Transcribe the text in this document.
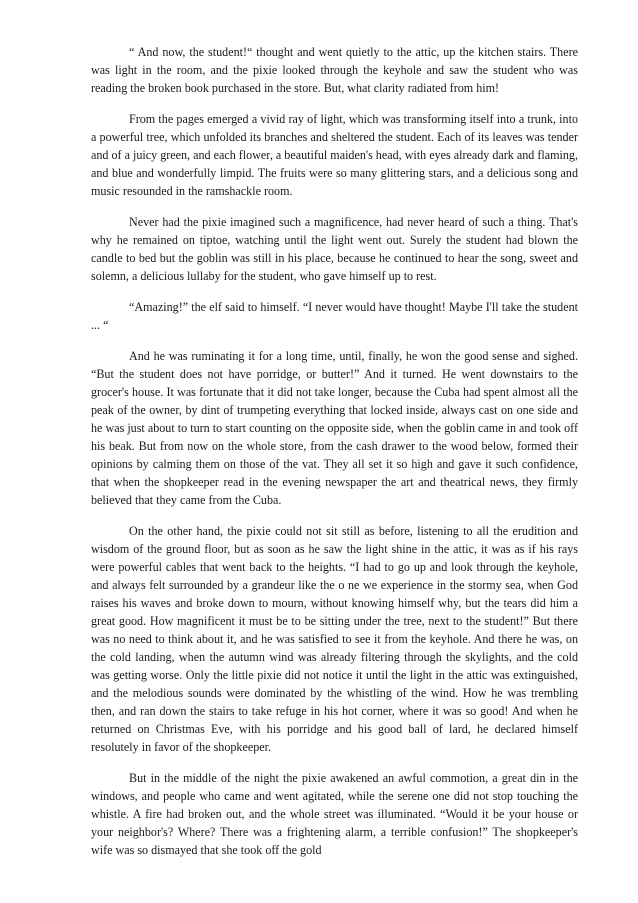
“ And now, the student!“ thought and went quietly to the attic, up the kitchen stairs. There was light in the room, and the pixie looked through the keyhole and saw the student who was reading the broken book purchased in the store. But, what clarity radiated from him!

From the pages emerged a vivid ray of light, which was transforming itself into a trunk, into a powerful tree, which unfolded its branches and sheltered the student. Each of its leaves was tender and of a juicy green, and each flower, a beautiful maiden's head, with eyes already dark and flaming, and blue and wonderfully limpid. The fruits were so many glittering stars, and a delicious song and music resounded in the ramshackle room.

Never had the pixie imagined such a magnificence, had never heard of such a thing. That's why he remained on tiptoe, watching until the light went out. Surely the student had blown the candle to bed but the goblin was still in his place, because he continued to hear the song, sweet and solemn, a delicious lullaby for the student, who gave himself up to rest.

“Amazing!” the elf said to himself. “I never would have thought! Maybe I'll take the student ... “

And he was ruminating it for a long time, until, finally, he won the good sense and sighed. “But the student does not have porridge, or butter!” And it turned. He went downstairs to the grocer's house. It was fortunate that it did not take longer, because the Cuba had spent almost all the peak of the owner, by dint of trumpeting everything that locked inside, always cast on one side and he was just about to turn to start counting on the opposite side, when the goblin came in and took off his beak. But from now on the whole store, from the cash drawer to the wood below, formed their opinions by calming them on those of the vat. They all set it so high and gave it such confidence, that when the shopkeeper read in the evening newspaper the art and theatrical news, they firmly believed that they came from the Cuba.

On the other hand, the pixie could not sit still as before, listening to all the erudition and wisdom of the ground floor, but as soon as he saw the light shine in the attic, it was as if his rays were powerful cables that went back to the heights. “I had to go up and look through the keyhole, and always felt surrounded by a grandeur like the o ne we experience in the stormy sea, when God raises his waves and broke down to mourn, without knowing himself why, but the tears did him a great good. How magnificent it must be to be sitting under the tree, next to the student!” But there was no need to think about it, and he was satisfied to see it from the keyhole. And there he was, on the cold landing, when the autumn wind was already filtering through the skylights, and the cold was getting worse. Only the little pixie did not notice it until the light in the attic was extinguished, and the melodious sounds were dominated by the whistling of the wind. How he was trembling then, and ran down the stairs to take refuge in his hot corner, where it was so good! And when he returned on Christmas Eve, with his porridge and his good ball of lard, he declared himself resolutely in favor of the shopkeeper.

But in the middle of the night the pixie awakened an awful commotion, a great din in the windows, and people who came and went agitated, while the serene one did not stop touching the whistle. A fire had broken out, and the whole street was illuminated. “Would it be your house or your neighbor's? Where? There was a frightening alarm, a terrible confusion!” The shopkeeper's wife was so dismayed that she took off the gold
